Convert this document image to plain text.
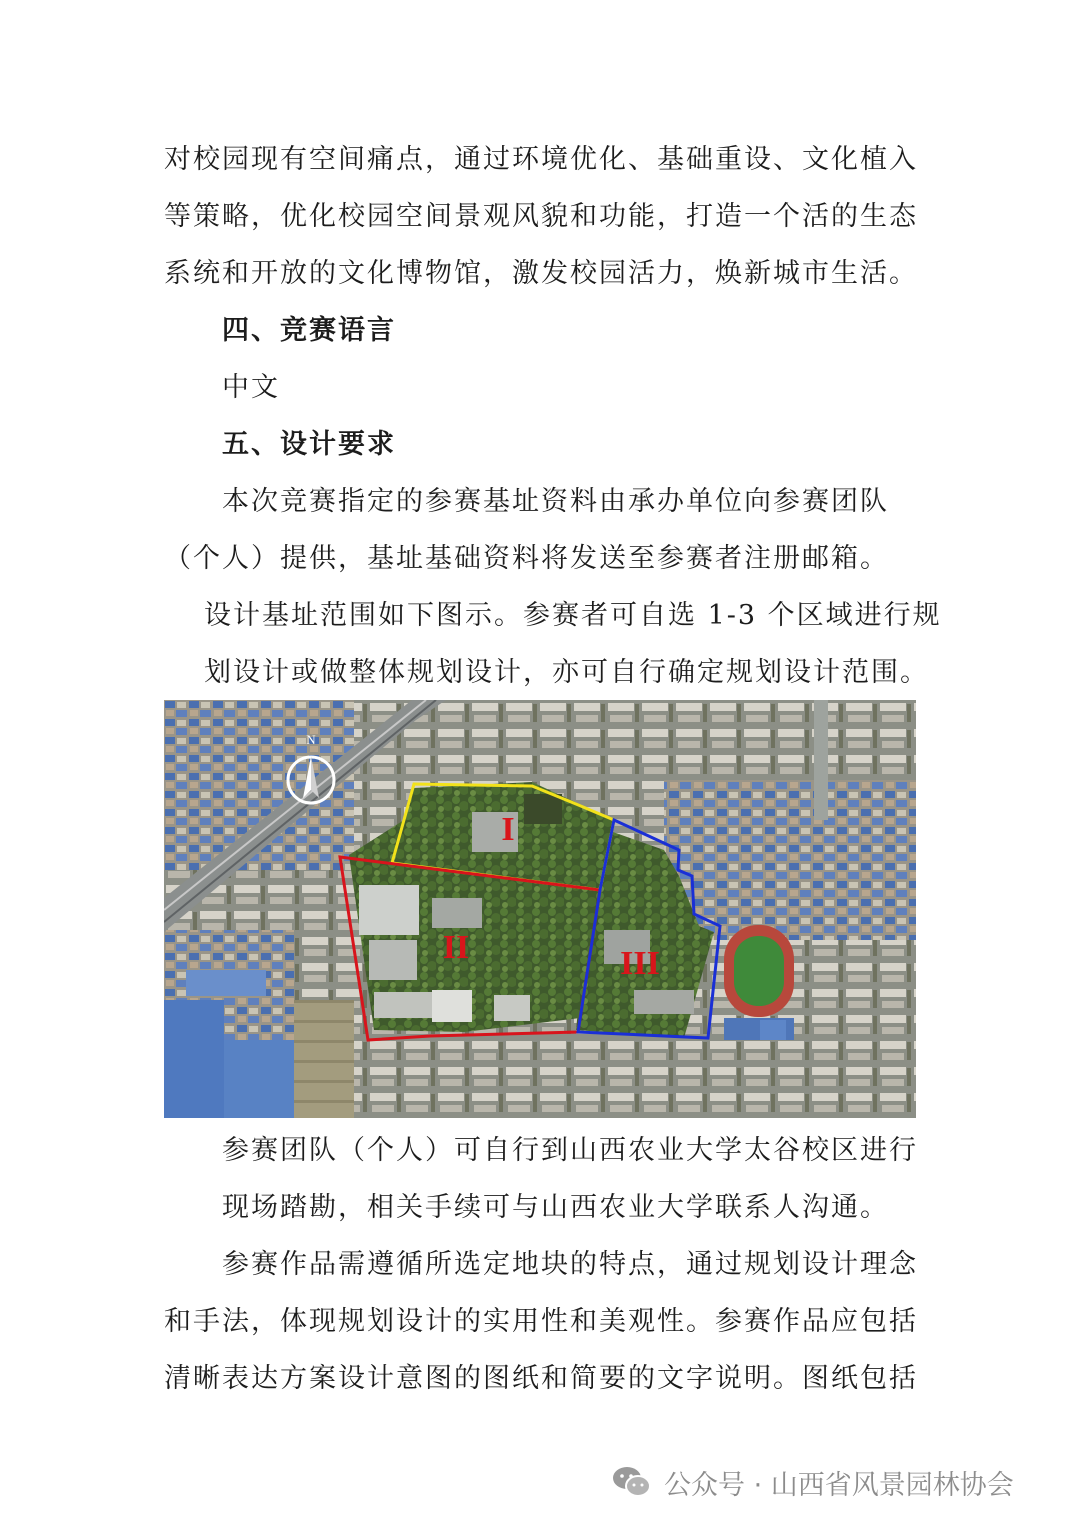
对校园现有空间痛点，通过环境优化、基础重设、文化植入

等策略，优化校园空间景观风貌和功能，打造一个活的生态

系统和开放的文化博物馆，激发校园活力，焕新城市生活。

四、竞赛语言

中文

五、设计要求

本次竞赛指定的参赛基址资料由承办单位向参赛团队

（个人）提供，基址基础资料将发送至参赛者注册邮箱。

设计基址范围如下图示。参赛者可自选 1-3 个区域进行规

划设计或做整体规划设计，亦可自行确定规划设计范围。

N
I
II	III

参赛团队（个人）可自行到山西农业大学太谷校区进行

现场踏勘，相关手续可与山西农业大学联系人沟通。

参赛作品需遵循所选定地块的特点，通过规划设计理念

和手法，体现规划设计的实用性和美观性。参赛作品应包括

清晰表达方案设计意图的图纸和简要的文字说明。图纸包括

公众号 · 山西省风景园林协会
